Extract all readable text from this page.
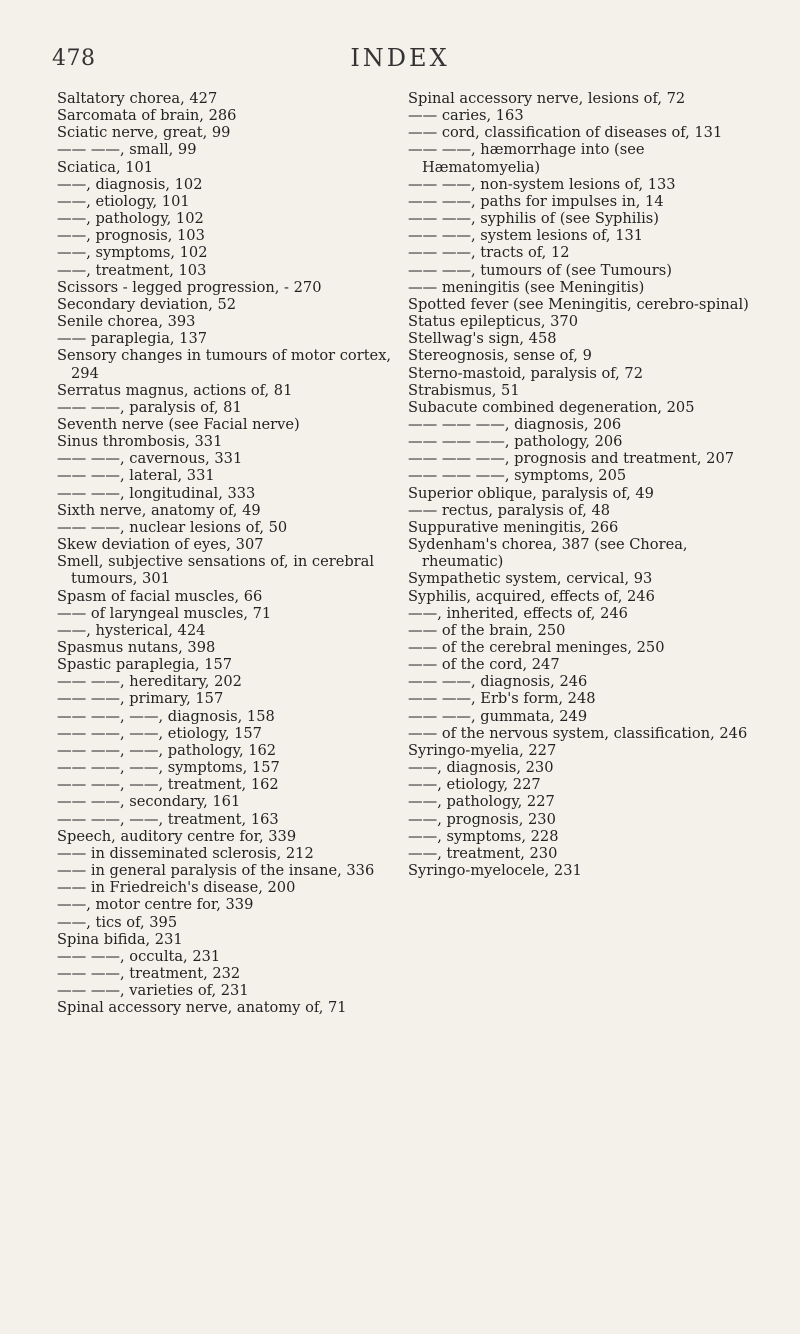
478	INDEX
Saltatory chorea, 427
Sarcomata of brain, 286
Sciatic nerve, great, 99
—— ——, small, 99
Sciatica, 101
——, diagnosis, 102
——, etiology, 101
——, pathology, 102
——, prognosis, 103
——, symptoms, 102
——, treatment, 103
Scissors - legged progression, - 270
Secondary deviation, 52
Senile chorea, 393
—— paraplegia, 137
Sensory changes in tumours of motor cortex, 294
Serratus magnus, actions of, 81
—— ——, paralysis of, 81
Seventh nerve (see Facial nerve)
Sinus thrombosis, 331
—— ——, cavernous, 331
—— ——, lateral, 331
—— ——, longitudinal, 333
Sixth nerve, anatomy of, 49
—— ——, nuclear lesions of, 50
Skew deviation of eyes, 307
Smell, subjective sensations of, in cerebral tumours, 301
Spasm of facial muscles, 66
—— of laryngeal muscles, 71
——, hysterical, 424
Spasmus nutans, 398
Spastic paraplegia, 157
—— ——, hereditary, 202
—— ——, primary, 157
—— ——, ——, diagnosis, 158
—— ——, ——, etiology, 157
—— ——, ——, pathology, 162
—— ——, ——, symptoms, 157
—— ——, ——, treatment, 162
—— ——, secondary, 161
—— ——, ——, treatment, 163
Speech, auditory centre for, 339
—— in disseminated sclerosis, 212
—— in general paralysis of the insane, 336
—— in Friedreich's disease, 200
——, motor centre for, 339
——, tics of, 395
Spina bifida, 231
—— ——, occulta, 231
—— ——, treatment, 232
—— ——, varieties of, 231
Spinal accessory nerve, anatomy of, 71
Spinal accessory nerve, lesions of, 72
—— caries, 163
—— cord, classification of diseases of, 131
—— ——, hæmorrhage into (see Hæmatomyelia)
—— ——, non-system lesions of, 133
—— ——, paths for impulses in, 14
—— ——, syphilis of (see Syphilis)
—— ——, system lesions of, 131
—— ——, tracts of, 12
—— ——, tumours of (see Tumours)
—— meningitis (see Meningitis)
Spotted fever (see Meningitis, cerebro-spinal)
Status epilepticus, 370
Stellwag's sign, 458
Stereognosis, sense of, 9
Sterno-mastoid, paralysis of, 72
Strabismus, 51
Subacute combined degeneration, 205
—— —— ——, diagnosis, 206
—— —— ——, pathology, 206
—— —— ——, prognosis and treatment, 207
—— —— ——, symptoms, 205
Superior oblique, paralysis of, 49
—— rectus, paralysis of, 48
Suppurative meningitis, 266
Sydenham's chorea, 387 (see Chorea, rheumatic)
Sympathetic system, cervical, 93
Syphilis, acquired, effects of, 246
——, inherited, effects of, 246
—— of the brain, 250
—— of the cerebral meninges, 250
—— of the cord, 247
—— ——, diagnosis, 246
—— ——, Erb's form, 248
—— ——, gummata, 249
—— of the nervous system, classification, 246
Syringo-myelia, 227
——, diagnosis, 230
——, etiology, 227
——, pathology, 227
——, prognosis, 230
——, symptoms, 228
——, treatment, 230
Syringo-myelocele, 231
